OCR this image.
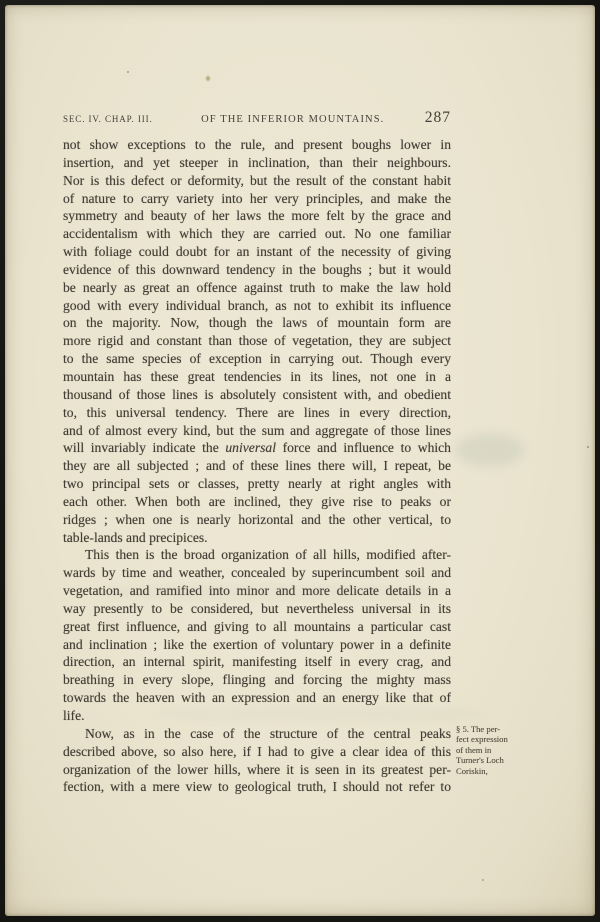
SEC. IV. CHAP. III.	OF THE INFERIOR MOUNTAINS.	287
not show exceptions to the rule, and present boughs lower in
insertion, and yet steeper in inclination, than their neighbours.
Nor is this defect or deformity, but the result of the constant habit
of nature to carry variety into her very principles, and make the
symmetry and beauty of her laws the more felt by the grace and
accidentalism with which they are carried out. No one familiar
with foliage could doubt for an instant of the necessity of giving
evidence of this downward tendency in the boughs ; but it would
be nearly as great an offence against truth to make the law hold
good with every individual branch, as not to exhibit its influence
on the majority. Now, though the laws of mountain form are
more rigid and constant than those of vegetation, they are subject
to the same species of exception in carrying out. Though every
mountain has these great tendencies in its lines, not one in a
thousand of those lines is absolutely consistent with, and obedient
to, this universal tendency. There are lines in every direction,
and of almost every kind, but the sum and aggregate of those lines
will invariably indicate the universal force and influence to which
they are all subjected ; and of these lines there will, I repeat, be
two principal sets or classes, pretty nearly at right angles with
each other. When both are inclined, they give rise to peaks or
ridges ; when one is nearly horizontal and the other vertical, to
table-lands and precipices.
This then is the broad organization of all hills, modified after-
wards by time and weather, concealed by superincumbent soil and
vegetation, and ramified into minor and more delicate details in a
way presently to be considered, but nevertheless universal in its
great first influence, and giving to all mountains a particular cast
and inclination ; like the exertion of voluntary power in a definite
direction, an internal spirit, manifesting itself in every crag, and
breathing in every slope, flinging and forcing the mighty mass
towards the heaven with an expression and an energy like that of
life.
Now, as in the case of the structure of the central peaks
described above, so also here, if I had to give a clear idea of this
organization of the lower hills, where it is seen in its greatest per-
fection, with a mere view to geological truth, I should not refer to
§ 5. The per-
fect expression
of them in
Turner's Loch
Coriskin,
